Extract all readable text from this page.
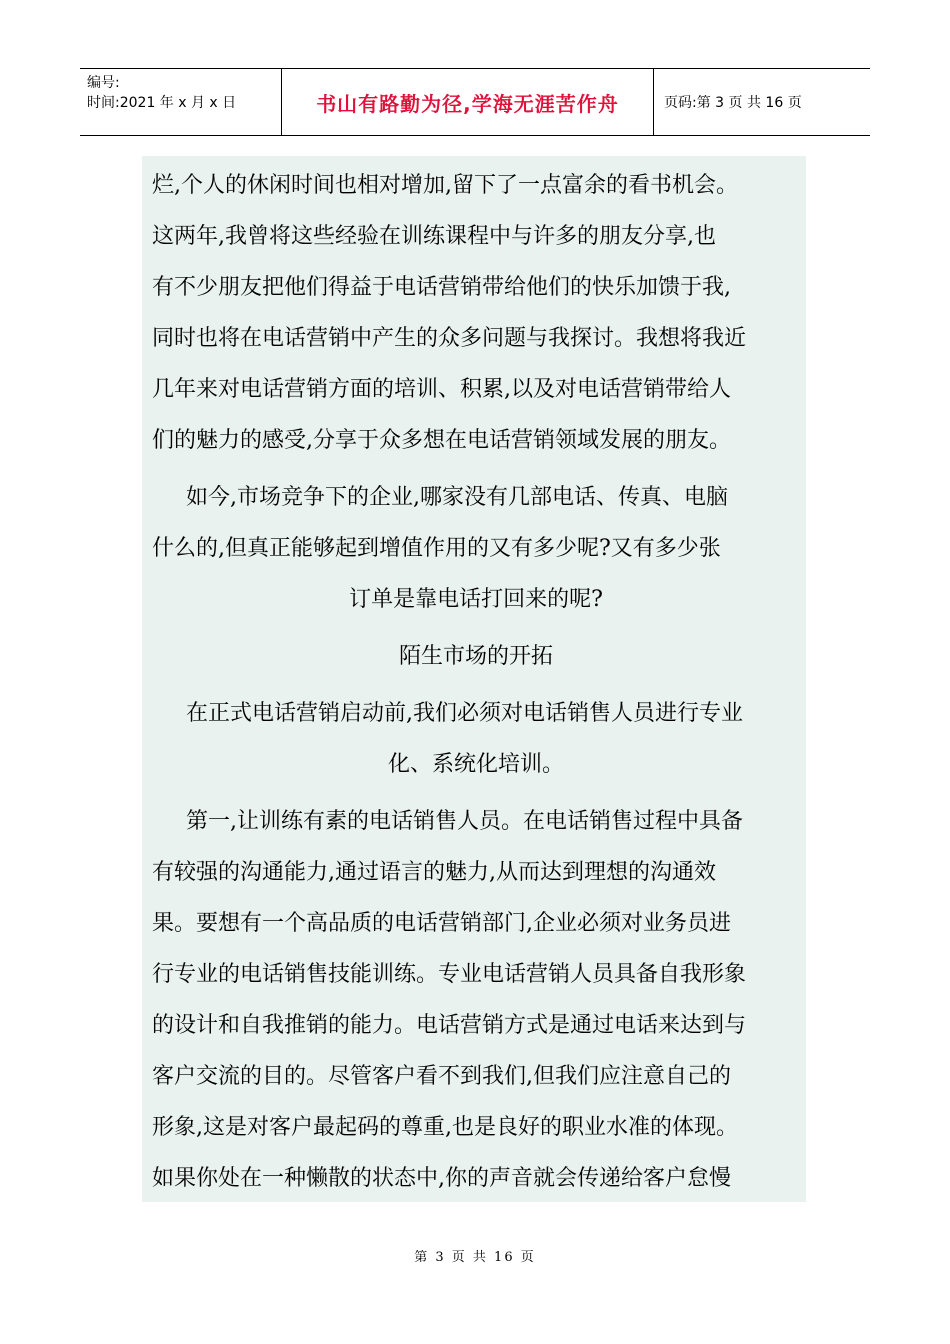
编号:
时间:2021 年 x 月 x 日	书山有路勤为径,学海无涯苦作舟	页码:第 3 页 共 16 页
烂,个人的休闲时间也相对增加,留下了一点富余的看书机会。
这两年,我曾将这些经验在训练课程中与许多的朋友分享,也
有不少朋友把他们得益于电话营销带给他们的快乐加馈于我,
同时也将在电话营销中产生的众多问题与我探讨。我想将我近
几年来对电话营销方面的培训、积累,以及对电话营销带给人
们的魅力的感受,分享于众多想在电话营销领域发展的朋友。
如今,市场竞争下的企业,哪家没有几部电话、传真、电脑
什么的,但真正能够起到增值作用的又有多少呢?又有多少张
订单是靠电话打回来的呢?
陌生市场的开拓
在正式电话营销启动前,我们必须对电话销售人员进行专业
化、系统化培训。
第一,让训练有素的电话销售人员。在电话销售过程中具备
有较强的沟通能力,通过语言的魅力,从而达到理想的沟通效
果。要想有一个高品质的电话营销部门,企业必须对业务员进
行专业的电话销售技能训练。专业电话营销人员具备自我形象
的设计和自我推销的能力。电话营销方式是通过电话来达到与
客户交流的目的。尽管客户看不到我们,但我们应注意自己的
形象,这是对客户最起码的尊重,也是良好的职业水准的体现。
如果你处在一种懒散的状态中,你的声音就会传递给客户怠慢
第 3 页 共 16 页
